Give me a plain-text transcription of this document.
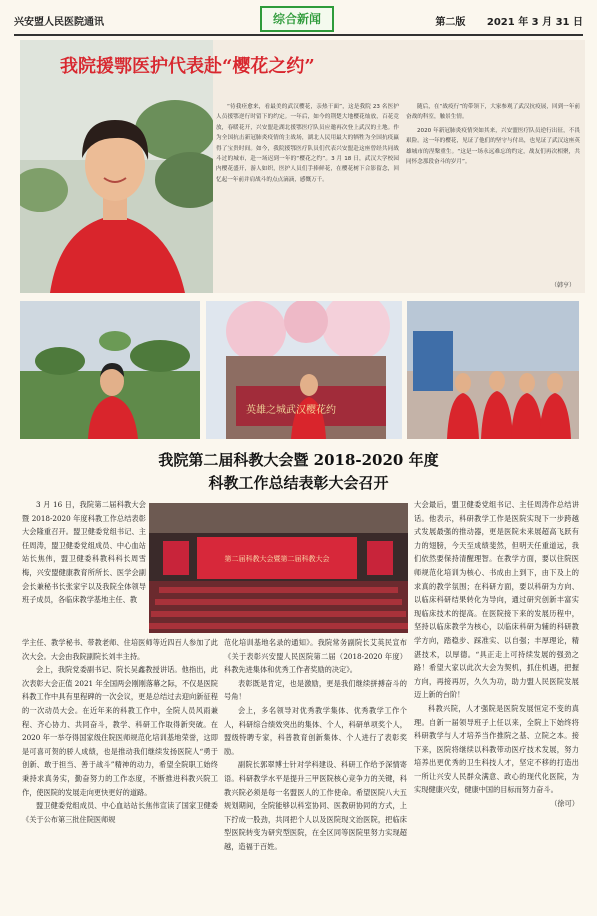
兴安盟人民医院通讯	综合新闻	第二版 2021 年 3 月 31 日
我院援鄂医护代表赴“樱花之约”
“待我痊愈来，看最美的武汉樱花，亲热干面”，这是我院 23 名医护人员援鄂逆行时留下的约定。一年后，如今的荆楚大地樱花灿放，百花竞放，春暖花开，兴安盟赴湖北援鄂医疗队员应邀再次登上武汉的土地。作为全国抗击新冠肺炎疫情的主战场，湖北人民用最大的牺牲为全国抗疫赢得了宝贵时间。如今，我院援鄂医疗队员们代表兴安盟赴这座曾经共同战斗过的城市，赴一场迟到一年的“樱花之约”。3 月 18 日，武汉大学校园内樱花盛开，游人如织，医护人员们手捧鲜花，在樱花树下合影留念，回忆起一年前并肩战斗的点点滴滴，感慨万千。

随后，在“战疫行”的带领下，大家参观了武汉抗疫展，回到一年前奋战的科室，触景生情。

2020 年新冠肺炎疫情突如其来，兴安盟医疗队员逆行出征，不畏艰险。这一年的樱花，见证了他们的坚守与付出，也见证了武汉这座英雄城市的涅槃重生。“这是一场永远难忘的约定，战友们再次相聚，共同怀念那段奋斗的岁月”。

（韩亨）
英雄之城武汉樱花约
我院第二届科教大会暨 2018-2020 年度
科教工作总结表彰大会召开

3 月 16 日，我院第二届科教大会暨 2018-2020 年度科教工作总结表彰大会隆重召开。盟卫健委党组书记、主任周涛，盟卫健委党组成员、中心血站站长焦伟，盟卫健委科教科科长周雪梅，兴安盟健康教育所所长、医学会副会长兼秘书长张家宇以及我院全体领导班子成员，各临床教学基地主任、教

第二届科教大会暨第二届科教大会

学主任、教学秘书、带教老师、住培医师等近四百人参加了此次大会。大会由我院副院长刘丰主持。

会上，我院党委副书记、院长吴鑫教授讲话。他指出，此次表彰大会正值 2021 年全国两会刚刚落幕之际，不仅是医院科教工作中具有里程碑的一次会议，更是总结过去迎向新征程的一次动员大会。在近年来的科教工作中，全院人员风雨兼程、齐心协力、共同奋斗，教学、科研工作取得新突破。在 2020 年一举夺得国家级住院医师规范化培训基地荣誉，这即是可喜可贺的骄人成绩，也是推动我们继续发扬医院人“勇于创新、敢于担当、善于战斗”精神的动力，希望全院职工始终秉持求真务实，勤奋努力的工作态度，不断推进科教兴院工作，使医院的发展走向更快更好的道路。

盟卫健委党组成员、中心血站站长焦伟宣读了国家卫健委《关于公布第三批住院医师规

范化培训基地名录的通知》。我院常务副院长艾英民宣布《关于表彰兴安盟人民医院第二届（2018-2020 年度）科教先进集体和优秀工作者奖励的决定》。

表彰既是肯定，也是激励，更是我们继续拼搏奋斗的号角！

会上，多名领导对优秀教学集体、优秀教学工作个人，科研综合绩效突出的集体、个人，科研单项奖个人，盟级特聘专家，科普教育创新集体、个人进行了表彰奖励。

副院长郭翠博士针对学科建设、科研工作给予深情寄语。科研教学水平是提升三甲医院核心竞争力的关键，科教兴院必须是每一名盟医人的工作使命。希望医院八大五规划期间，全院能够以科室协同、医教研协同的方式，上下拧成一股劲，共同把个人以及医院现文治医院，把临床型医院转变为研究型医院，在全区同等医院里努力实现超越，造福于百姓。

大会最后，盟卫健委党组书记、主任周涛作总结讲话。他表示，科研教学工作是医院实现下一步跨越式发展最强的推动器，更是医院未来展超高飞跃有力的翅膀，今天至成绩斐然，但明天任重道远，我们依然要保持清醒理智。在教学方面，要以住院医师规范化培训为核心、书成由上到下，由下及上的求真的教学氛围；在科研方面，要以科研为方向、以临床科研结果转化为导向，通过研究创新丰富实现临床技术的提高。在医院接下来的发展历程中，坚持以临床教学为核心，以临床科研为辅的科研教学方向，踏稳步、踩准实、以自强；丰厚理论，精湛技术，以厚德。“具正走上可持续发展的强劲之路！希望大家以此次大会为契机，抓住机遇，把握方向，再接再厉，久久为功，助力盟人民医院发展迈上新的台阶！

科教兴院，人才强院是医院发展恒定不变的真理。自新一届领导班子上任以来，全院上下始终将科研教学与人才培养当作推院之基、立院之本。接下来，医院将继续以科教带动医疗技术发展，努力培养出更优秀的卫生科技人才，坚定不移的打造出一所让兴安人民群众满意、政心的现代化医院，为实现健康兴安，健康中国的目标而努力奋斗。

（徐可）
